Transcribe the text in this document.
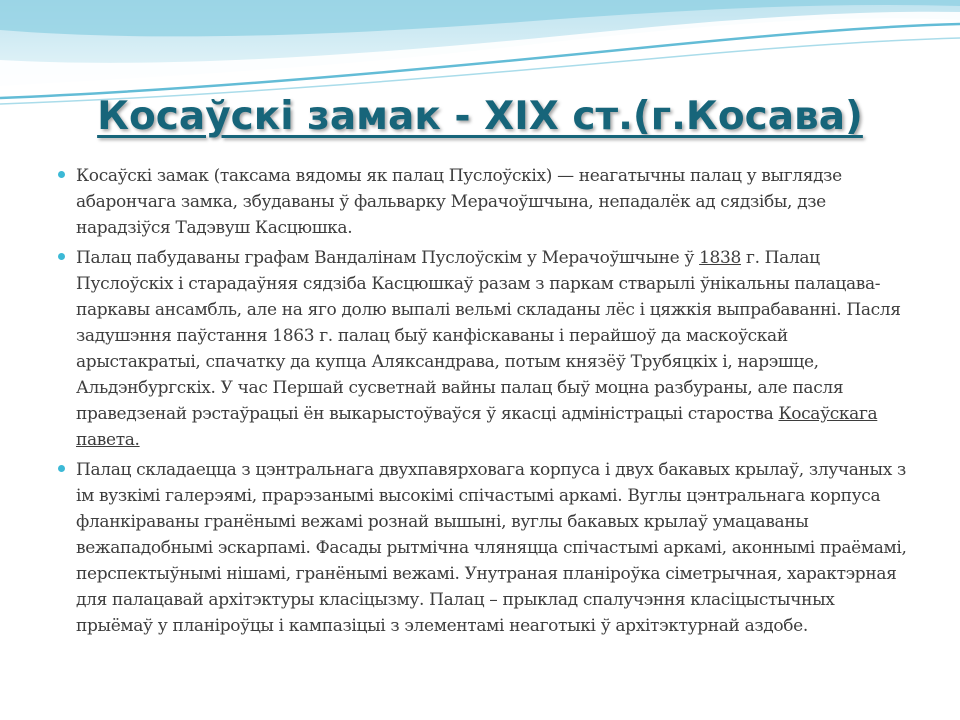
Косаўскі замак - XIX ст.(г.Косава)
Косаўскі замак (таксама вядомы як палац Пуслоўскіх) — неагатычны палац у выглядзе абарончага замка, збудаваны ў фальварку Мерачоўшчына, непадалёк ад сядзібы, дзе нарадзіўся Тадэвуш Касцюшка.
Палац пабудаваны графам Вандалінам Пуслоўскім у Мерачоўшчыне ў 1838 г. Палац Пуслоўскіх і старадаўняя сядзіба Касцюшкаў разам з паркам стварылі ўнікальны палацава-паркавы ансамбль, але на яго долю выпалі вельмі складаны лёс і цяжкія выпрабаванні. Пасля задушэння паўстання 1863 г. палац быў канфіскаваны і перайшоў да маскоўскай арыстакратыі, спачатку да купца Аляксандрава, потым князёў Трубяцкіх і, нарэшце, Альдэнбургскіх. У час Першай сусветнай вайны палац быў моцна разбураны, але пасля праведзенай рэстаўрацыі ён выкарыстоўваўся ў якасці адміністрацыі староства Косаўскага павета.
Палац складаецца з цэнтральнага двухпавярховага корпуса і двух бакавых крылаў, злучаных з ім вузкімі галерэямі, прарэзанымі высокімі спічастымі аркамі. Вуглы цэнтральнага корпуса фланкіраваны гранёнымі вежамі рознай вышыні, вуглы бакавых крылаў умацаваны вежападобнымі эскарпамі. Фасады рытмічна чляняцца спічастымі аркамі, аконнымі праёмамі, перспектыўнымі нішамі, гранёнымі вежамі. Унутраная планіроўка сіметрычная, характэрная для палацавай архітэктуры класіцызму. Палац – прыклад спалучэння класіцыстычных прыёмаў у планіроўцы і кампазіцыі з элементамі неаготыкі ў архітэктурнай аздобе.
